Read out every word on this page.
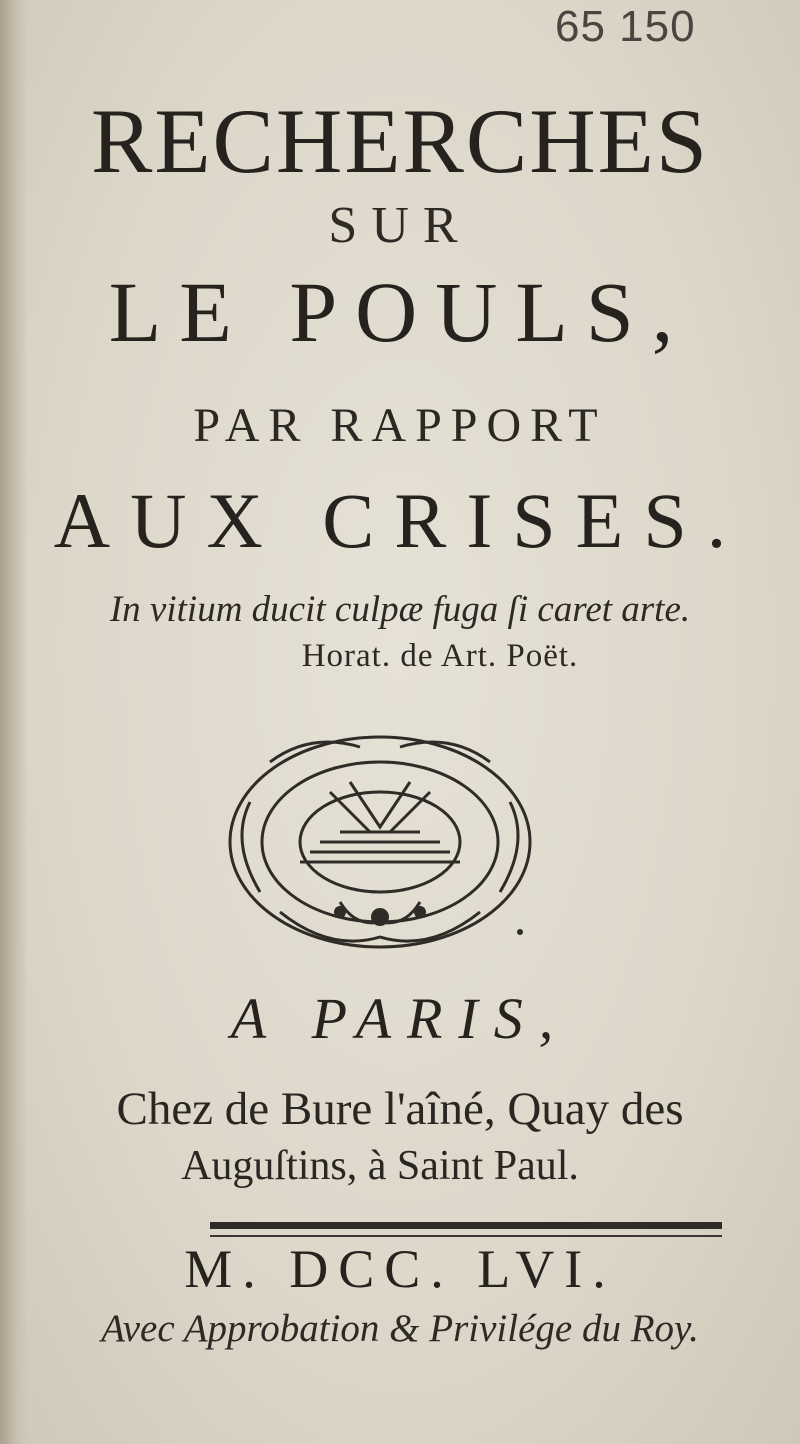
65 150
RECHERCHES
SUR
LE POULS,
PAR RAPPORT
AUX CRISES.
In vitium ducit culpæ fuga ſi caret arte.
Horat. de Art. Poët.
A PARIS,
Chez de Bure l'aîné, Quay des
Auguſtins, à Saint Paul.
M. DCC. LVI.
Avec Approbation & Privilége du Roy.
